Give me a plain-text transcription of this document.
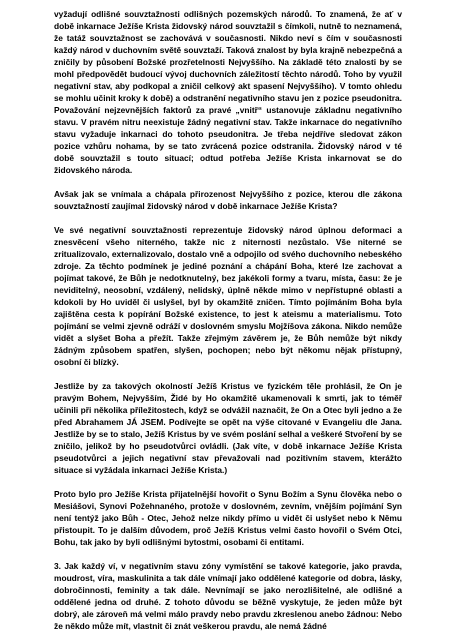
vyžadují odlišné souvztažnosti odlišných pozemských národů. To znamená, že ať v době inkarnace Ježíše Krista židovský národ souvztažil s čímkoli, nutně to neznamená, že tatáž souvztažnost se zachovává v současnosti. Nikdo neví s čím v současnosti každý národ v duchovním světě souvztaží. Taková znalost by byla krajně nebezpečná a zničily by působení Božské prozřetelnosti Nejvyššího. Na základě této znalosti by se mohl předpovědět budoucí vývoj duchovních záležitostí těchto národů. Toho by využil negativní stav, aby podkopal a zničil celkový akt spasení Nejvyššího). V tomto ohledu se mohlu učinit kroky k době) a odstranění negativního stavu jen z pozice pseudonitra. Považování nejzevnějších faktorů za pravé „vnitř“ ustanovuje základnu negativního stavu. V pravém nitru neexistuje žádný negativní stav. Takže inkarnace do negativního stavu vyžaduje inkarnaci do tohoto pseudonitra. Je třeba nejdříve sledovat zákon pozice vzhůru nohama, by se tato zvrácená pozice odstranila. Židovský národ v té době souvztažil s touto situací; odtud potřeba Ježíše Krista inkarnovat se do židovského národa.

Avšak jak se vnímala a chápala přirozenost Nejvyššího z pozice, kterou dle zákona souvztažností zaujímal židovský národ v době inkarnace Ježíše Krista?

Ve své negativní souvztažnosti reprezentuje židovský národ úplnou deformaci a znesvěcení všeho niterného, takže nic z niternosti nezůstalo. Vše niterné se zritualizovalo, externalizovalo, dostalo vně a odpojilo od svého duchovního nebeského zdroje. Za těchto podmínek je jediné poznání a chápání Boha, které lze zachovat a pojímat takové, že Bůh je nedotknutelný, bez jakékoli formy a tvaru, místa, času: že je neviditelný, neosobní, vzdálený, nelidský, úplně někde mimo v nepřístupné oblasti a kdokoli by Ho uviděl či uslyšel, byl by okamžitě zničen. Tímto pojímáním Boha byla zajištěna cesta k popírání Božské existence, to jest k ateismu a materialismu. Toto pojímání se velmi zjevně odráží v doslovném smyslu Mojžíšova zákona. Nikdo nemůže vidět a slyšet Boha a přežít. Takže zřejmým závěrem je, že Bůh nemůže být nikdy žádným způsobem spatřen, slyšen, pochopen; nebo být někomu nějak přístupný, osobní či blízký.

Jestliže by za takových okolností Ježíš Kristus ve fyzickém těle prohlásil, že On je pravým Bohem, Nejvyšším, Židé by Ho okamžitě ukamenovali k smrti, jak to téměř učinili při několika příležitostech, když se odvážil naznačit, že On a Otec byli jedno a že před Abrahamem JÁ JSEM. Podívejte se opět na výše citované v Evangeliu dle Jana. Jestliže by se to stalo, Ježíš Kristus by ve svém poslání selhal a veškeré Stvoření by se zničilo, jelikož by ho pseudotvůrci ovládli. (Jak víte, v době inkarnace Ježíše Krista pseudotvůrci a jejich negativní stav převažovali nad pozitivním stavem, kterážto situace si vyžádala inkarnaci Ježíše Krista.)

Proto bylo pro Ježíše Krista přijatelnější hovořit o Synu Božím a Synu člověka nebo o Mesiášovi, Synovi Požehnaného, protože v doslovném, zevním, vnějším pojímání Syn není tentýž jako Bůh - Otec, Jehož nelze nikdy přímo u vidět či uslyšet nebo k Němu přistoupit. To je dalším důvodem, proč Ježíš Kristus velmi často hovořil o Svém Otci, Bohu, tak jako by byli odlišnými bytostmi, osobami či entitami.

3. Jak každý ví, v negativním stavu zóny vymístění se takové kategorie, jako pravda, moudrost, víra, maskulinita a tak dále vnímají jako oddělené kategorie od dobra, lásky, dobročinnosti, feminity a tak dále. Nevnímají se jako nerozlišitelné, ale odlišné a oddělené jedna od druhé. Z tohoto důvodu se běžně vyskytuje, že jeden může být dobrý, ale zároveň má velmi málo pravdy nebo pravdu zkreslenou anebo žádnou: Nebo že někdo může mít, vlastnit či znát veškerou pravdu, ale nemá žádné
